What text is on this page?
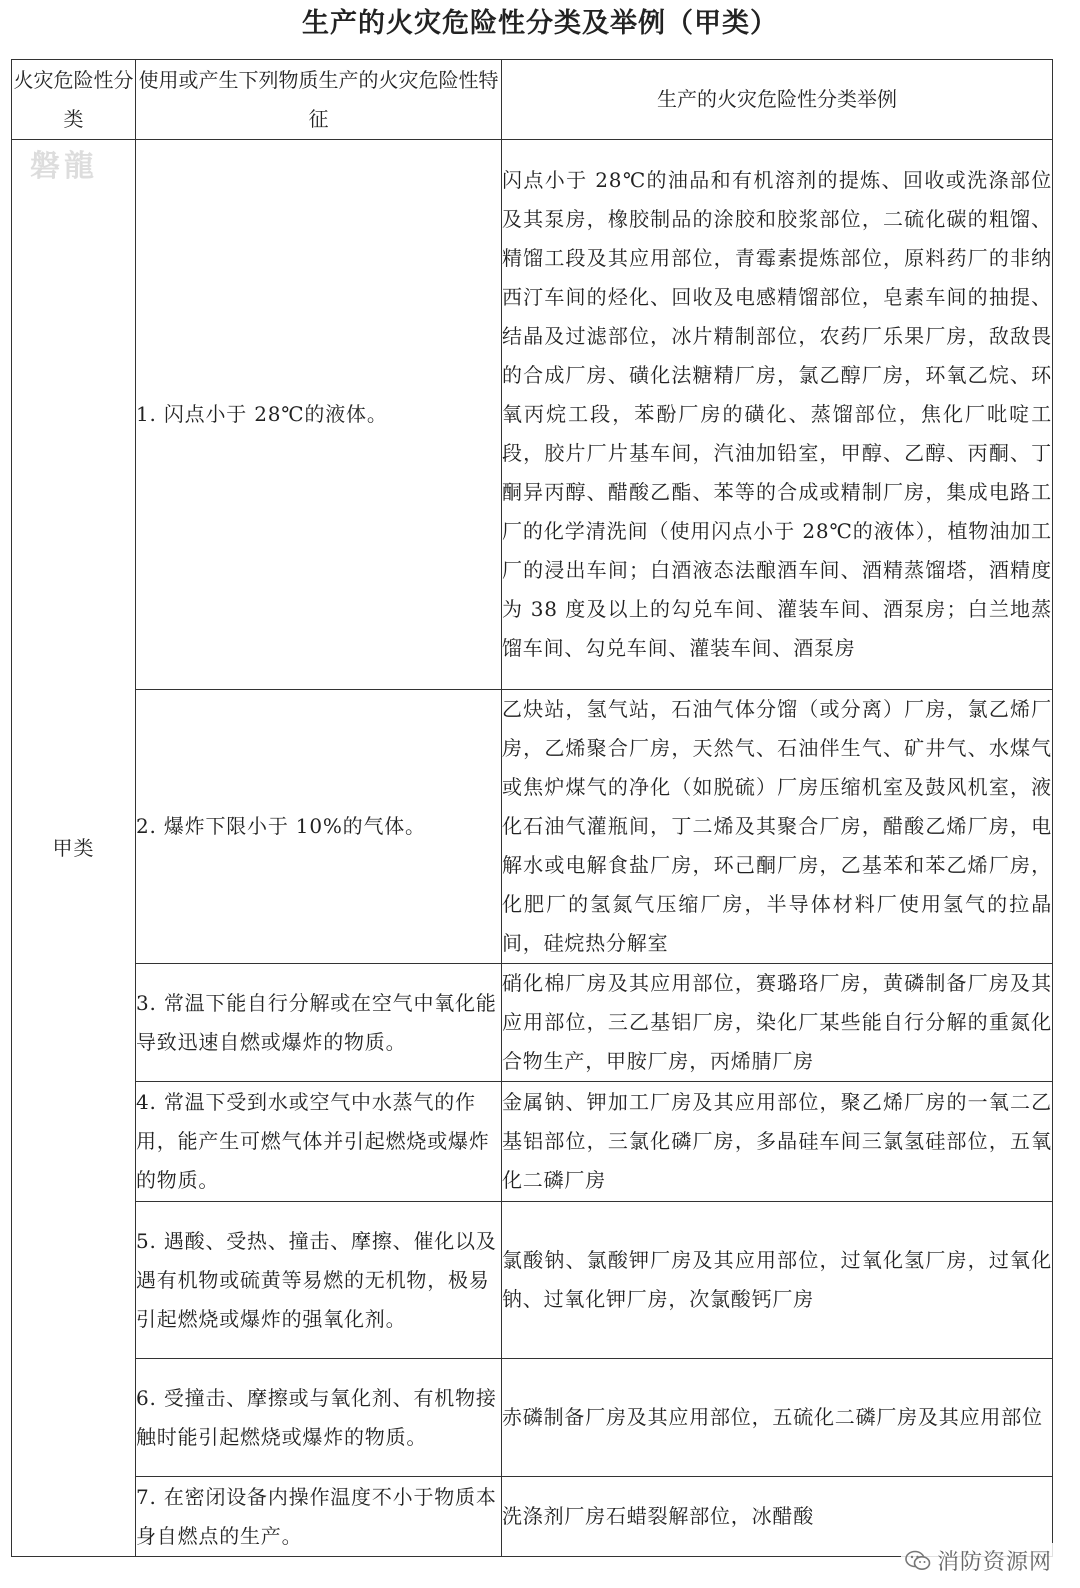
生产的火灾危险性分类及举例（甲类）
火灾危险性分类	使用或产生下列物质生产的火灾危险性特征	生产的火灾危险性分类举例

磐龍
甲类	1. 闪点小于 28℃的液体。	闪点小于 28℃的油品和有机溶剂的提炼、回收或洗涤部位及其泵房，橡胶制品的涂胶和胶浆部位，二硫化碳的粗馏、精馏工段及其应用部位，青霉素提炼部位，原料药厂的非纳西汀车间的烃化、回收及电感精馏部位，皂素车间的抽提、结晶及过滤部位，冰片精制部位，农药厂乐果厂房，敌敌畏的合成厂房、磺化法糖精厂房，氯乙醇厂房，环氧乙烷、环氧丙烷工段，苯酚厂房的磺化、蒸馏部位，焦化厂吡啶工段，胶片厂片基车间，汽油加铅室，甲醇、乙醇、丙酮、丁酮异丙醇、醋酸乙酯、苯等的合成或精制厂房，集成电路工厂的化学清洗间（使用闪点小于 28℃的液体），植物油加工厂的浸出车间；白酒液态法酿酒车间、酒精蒸馏塔，酒精度为 38 度及以上的勾兑车间、灌装车间、酒泵房；白兰地蒸馏车间、勾兑车间、灌装车间、酒泵房
	2. 爆炸下限小于 10%的气体。	乙炔站，氢气站，石油气体分馏（或分离）厂房，氯乙烯厂房，乙烯聚合厂房，天然气、石油伴生气、矿井气、水煤气或焦炉煤气的净化（如脱硫）厂房压缩机室及鼓风机室，液化石油气灌瓶间，丁二烯及其聚合厂房，醋酸乙烯厂房，电解水或电解食盐厂房，环己酮厂房，乙基苯和苯乙烯厂房，化肥厂的氢氮气压缩厂房，半导体材料厂使用氢气的拉晶间，硅烷热分解室
	3. 常温下能自行分解或在空气中氧化能导致迅速自燃或爆炸的物质。	硝化棉厂房及其应用部位，赛璐珞厂房，黄磷制备厂房及其应用部位，三乙基铝厂房，染化厂某些能自行分解的重氮化合物生产，甲胺厂房，丙烯腈厂房
	4. 常温下受到水或空气中水蒸气的作用，能产生可燃气体并引起燃烧或爆炸的物质。	金属钠、钾加工厂房及其应用部位，聚乙烯厂房的一氧二乙基铝部位，三氯化磷厂房，多晶硅车间三氯氢硅部位，五氧化二磷厂房
	5. 遇酸、受热、撞击、摩擦、催化以及遇有机物或硫黄等易燃的无机物，极易引起燃烧或爆炸的强氧化剂。	氯酸钠、氯酸钾厂房及其应用部位，过氧化氢厂房，过氧化钠、过氧化钾厂房，次氯酸钙厂房
	6. 受撞击、摩擦或与氧化剂、有机物接触时能引起燃烧或爆炸的物质。	赤磷制备厂房及其应用部位，五硫化二磷厂房及其应用部位
	7. 在密闭设备内操作温度不小于物质本身自燃点的生产。	洗涤剂厂房石蜡裂解部位，冰醋酸
消防资源网
